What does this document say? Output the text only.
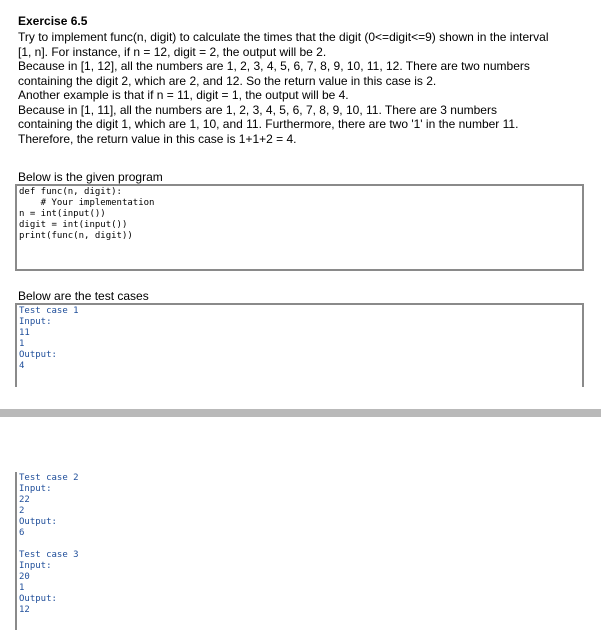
Exercise 6.5
Try to implement func(n, digit) to calculate the times that the digit (0<=digit<=9) shown in the interval
[1, n]. For instance, if n = 12, digit = 2, the output will be 2.
Because in [1, 12], all the numbers are 1, 2, 3, 4, 5, 6, 7, 8, 9, 10, 11, 12. There are two numbers
containing the digit 2, which are 2, and 12. So the return value in this case is 2.
Another example is that if n = 11, digit = 1, the output will be 4.
Because in [1, 11], all the numbers are 1, 2, 3, 4, 5, 6, 7, 8, 9, 10, 11. There are 3 numbers
containing the digit 1, which are 1, 10, and 11. Furthermore, there are two '1' in the number 11.
Therefore, the return value in this case is 1+1+2 = 4.
Below is the given program
def func(n, digit):
# Your implementation
n = int(input())
digit = int(input())
print(func(n, digit))
Below are the test cases
Test case 1
Input:
11
1
Output:
4
Test case 2
Input:
22
2
Output:
6

Test case 3
Input:
20
1
Output:
12
